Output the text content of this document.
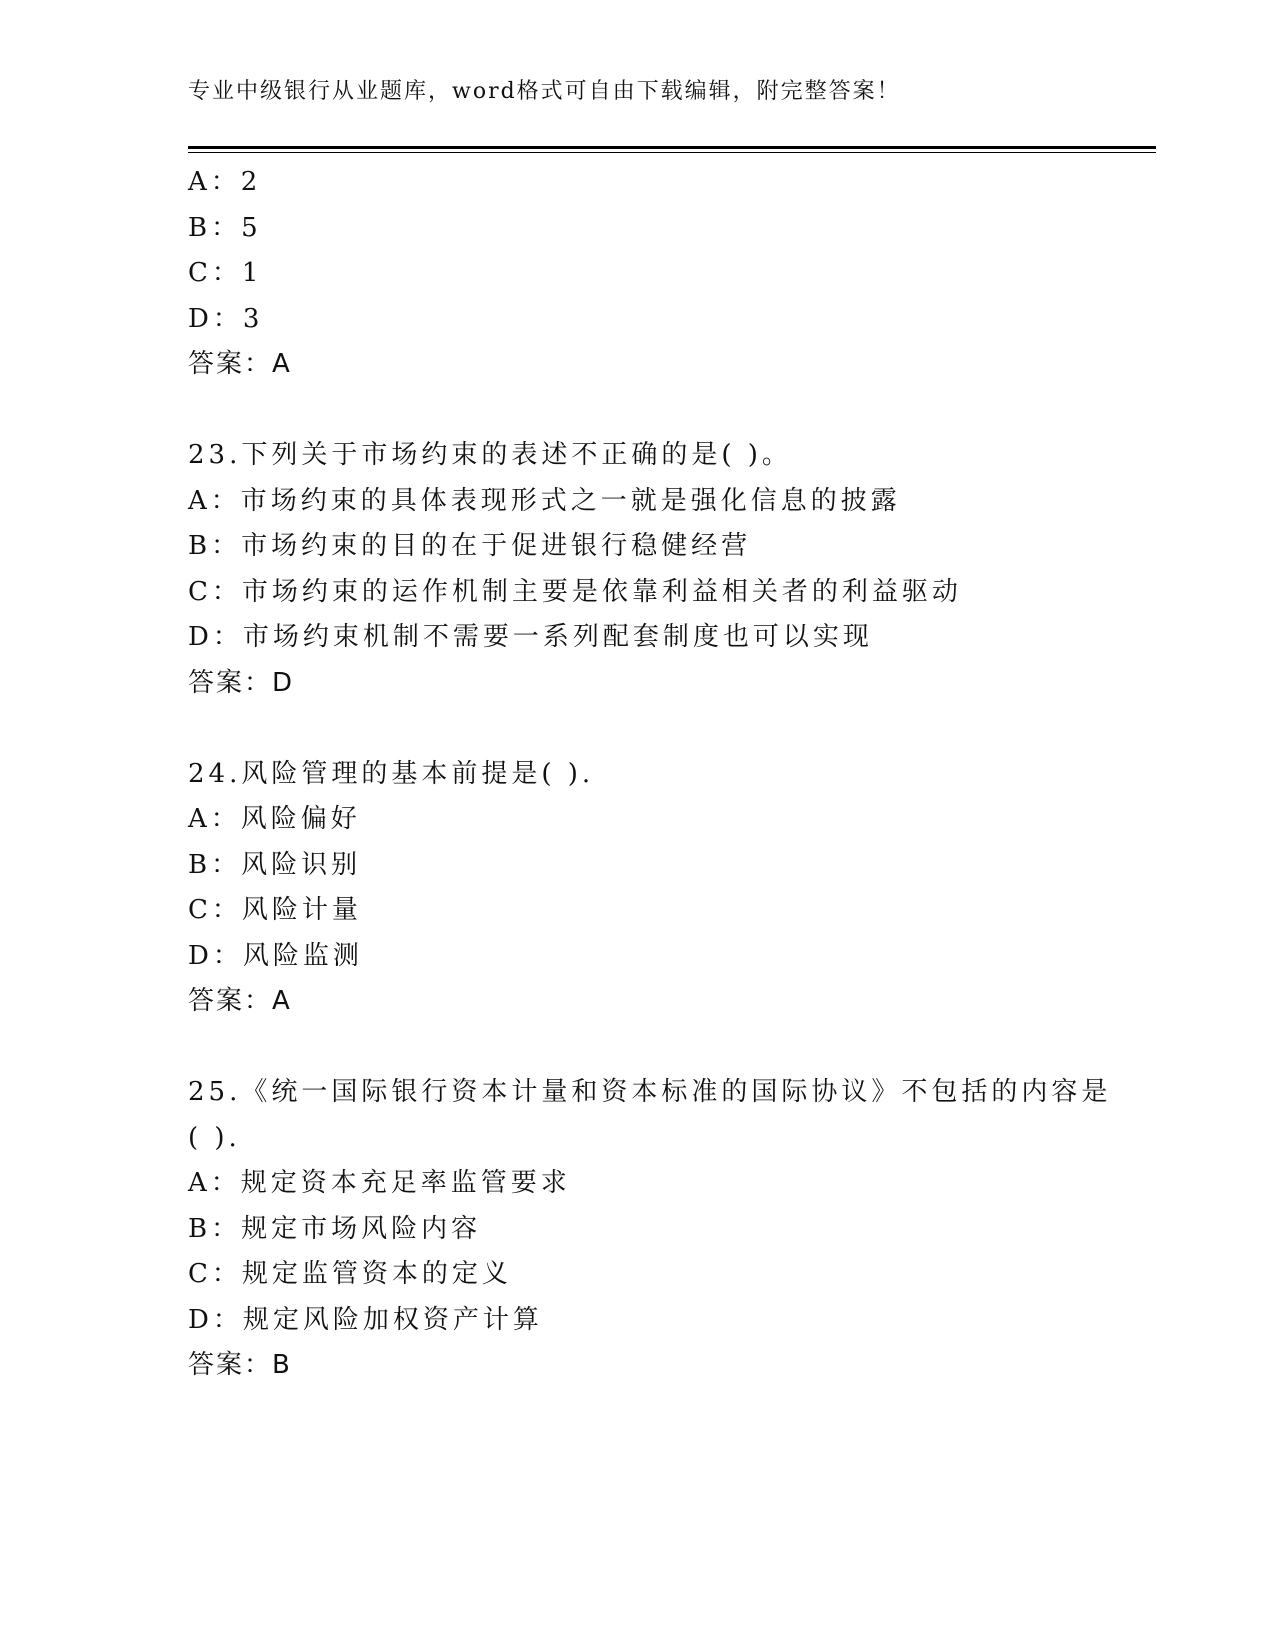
专业中级银行从业题库，word格式可自由下载编辑，附完整答案！
A：2
B：5
C：1
D：3
答案：A
23.下列关于市场约束的表述不正确的是( )。
A：市场约束的具体表现形式之一就是强化信息的披露
B：市场约束的目的在于促进银行稳健经营
C：市场约束的运作机制主要是依靠利益相关者的利益驱动
D：市场约束机制不需要一系列配套制度也可以实现
答案：D
24.风险管理的基本前提是( ).
A：风险偏好
B：风险识别
C：风险计量
D：风险监测
答案：A
25.《统一国际银行资本计量和资本标准的国际协议》不包括的内容是
( ).
A：规定资本充足率监管要求
B：规定市场风险内容
C：规定监管资本的定义
D：规定风险加权资产计算
答案：B
